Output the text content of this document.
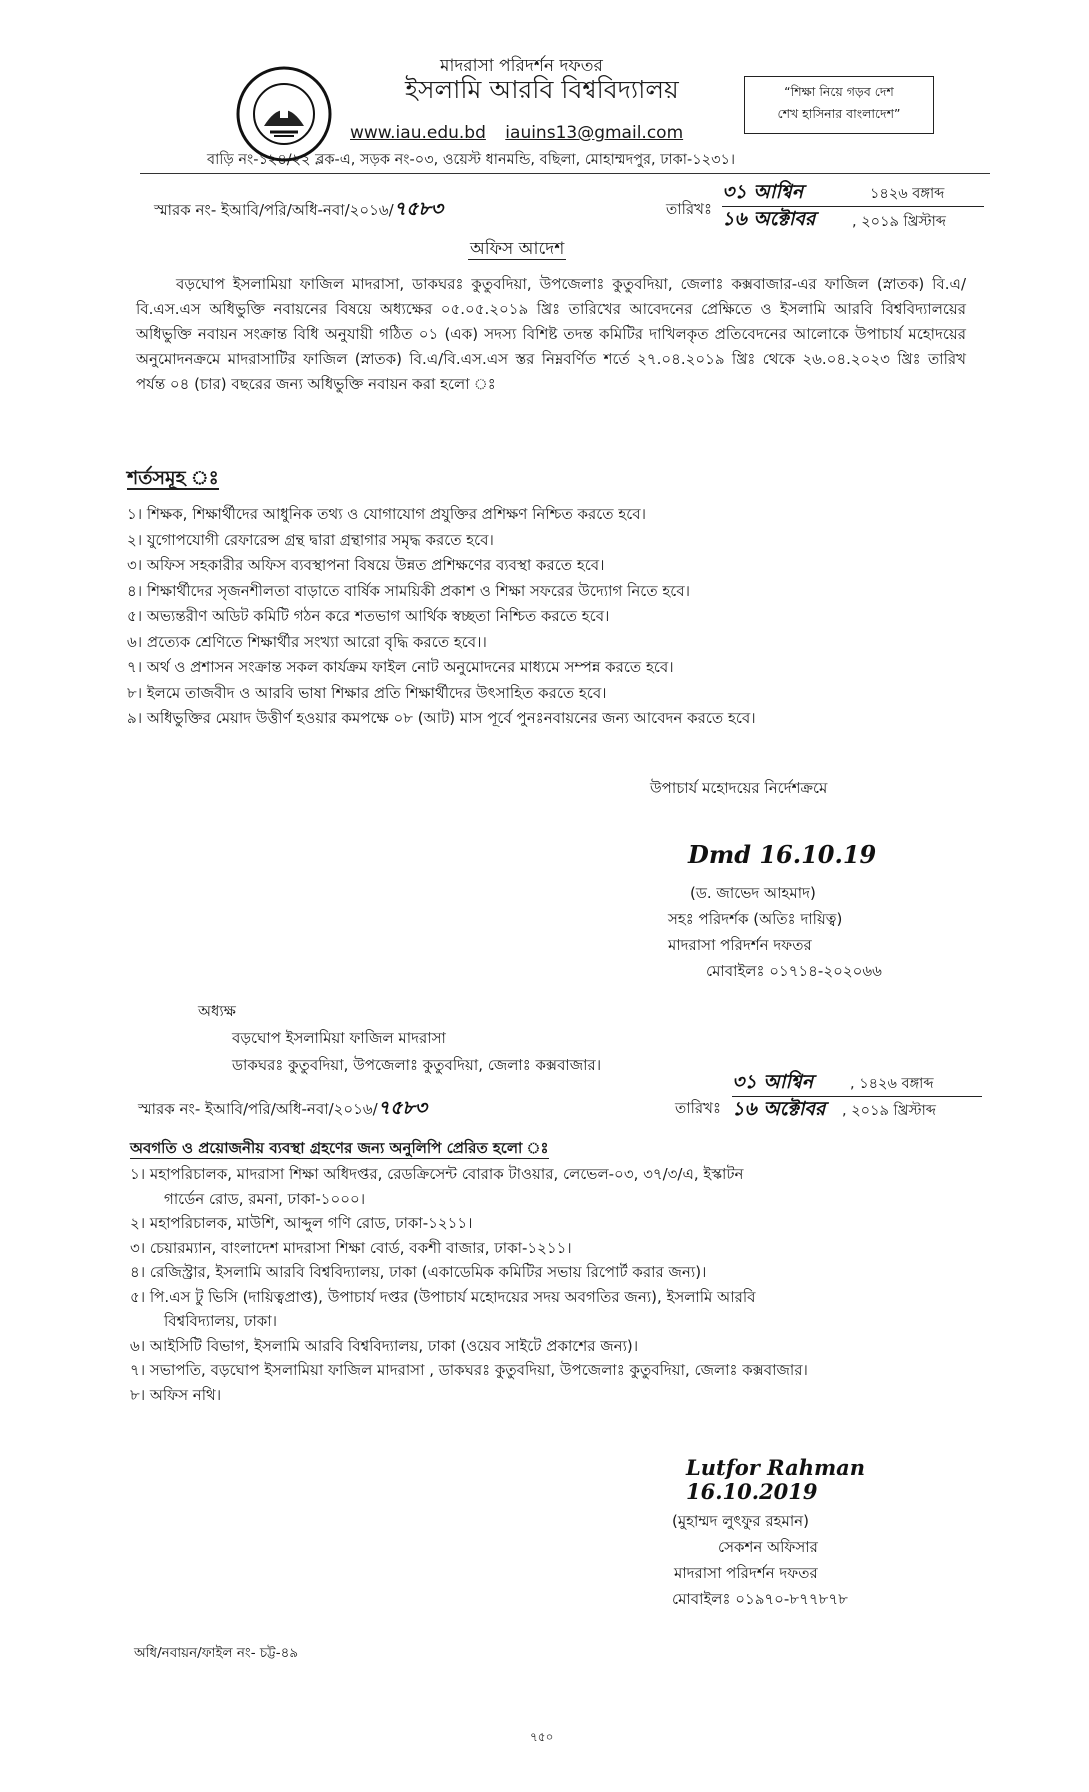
মাদরাসা পরিদর্শন দফতর
ইসলামি আরবি বিশ্ববিদ্যালয়
www.iau.edu.bd iauins13@gmail.com
“শিক্ষা নিয়ে গড়ব দেশ
শেখ হাসিনার বাংলাদেশ”
বাড়ি নং-১২৪/২২ ব্লক-এ, সড়ক নং-০৩, ওয়েস্ট ধানমন্ডি, বছিলা, মোহাম্মদপুর, ঢাকা-১২৩১।
স্মারক নং- ইআবি/পরি/অধি-নবা/২০১৬/৭৫৮৩	তারিখঃ
৩১ আশ্বিন	১৪২৬ বঙ্গাব্দ
১৬ অক্টোবর	, ২০১৯ খ্রিস্টাব্দ
অফিস আদেশ
বড়ঘোপ ইসলামিয়া ফাজিল মাদরাসা, ডাকঘরঃ কুতুবদিয়া, উপজেলাঃ কুতুবদিয়া, জেলাঃ কক্সবাজার-এর ফাজিল (স্নাতক) বি.এ/বি.এস.এস অধিভুক্তি নবায়নের বিষয়ে অধ্যক্ষের ০৫.০৫.২০১৯ খ্রিঃ তারিখের আবেদনের প্রেক্ষিতে ও ইসলামি আরবি বিশ্ববিদ্যালয়ের অধিভুক্তি নবায়ন সংক্রান্ত বিধি অনুযায়ী গঠিত ০১ (এক) সদস্য বিশিষ্ট তদন্ত কমিটির দাখিলকৃত প্রতিবেদনের আলোকে উপাচার্য মহোদয়ের অনুমোদনক্রমে মাদরাসাটির ফাজিল (স্নাতক) বি.এ/বি.এস.এস স্তর নিম্নবর্ণিত শর্তে ২৭.০৪.২০১৯ খ্রিঃ থেকে ২৬.০৪.২০২৩ খ্রিঃ তারিখ পর্যন্ত ০৪ (চার) বছরের জন্য অধিভুক্তি নবায়ন করা হলো ঃ
শর্তসমূহ ঃ
১। শিক্ষক, শিক্ষার্থীদের আধুনিক তথ্য ও যোগাযোগ প্রযুক্তির প্রশিক্ষণ নিশ্চিত করতে হবে।
২। যুগোপযোগী রেফারেন্স গ্রন্থ দ্বারা গ্রন্থাগার সমৃদ্ধ করতে হবে।
৩। অফিস সহকারীর অফিস ব্যবস্থাপনা বিষয়ে উন্নত প্রশিক্ষণের ব্যবস্থা করতে হবে।
৪। শিক্ষার্থীদের সৃজনশীলতা বাড়াতে বার্ষিক সাময়িকী প্রকাশ ও শিক্ষা সফরের উদ্যোগ নিতে হবে।
৫। অভ্যন্তরীণ অডিট কমিটি গঠন করে শতভাগ আর্থিক স্বচ্ছতা নিশ্চিত করতে হবে।
৬। প্রত্যেক শ্রেণিতে শিক্ষার্থীর সংখ্যা আরো বৃদ্ধি করতে হবে।।
৭। অর্থ ও প্রশাসন সংক্রান্ত সকল কার্যক্রম ফাইল নোট অনুমোদনের মাধ্যমে সম্পন্ন করতে হবে।
৮। ইলমে তাজবীদ ও আরবি ভাষা শিক্ষার প্রতি শিক্ষার্থীদের উৎসাহিত করতে হবে।
৯। অধিভুক্তির মেয়াদ উত্তীর্ণ হওয়ার কমপক্ষে ০৮ (আট) মাস পূর্বে পুনঃনবায়নের জন্য আবেদন করতে হবে।
উপাচার্য মহোদয়ের নির্দেশক্রমে
Dmd 16.10.19
(ড. জাভেদ আহমাদ)
সহঃ পরিদর্শক (অতিঃ দায়িত্ব)
মাদরাসা পরিদর্শন দফতর
মোবাইলঃ ০১৭১৪-২০২০৬৬
অধ্যক্ষ
বড়ঘোপ ইসলামিয়া ফাজিল মাদরাসা
ডাকঘরঃ কুতুবদিয়া, উপজেলাঃ কুতুবদিয়া, জেলাঃ কক্সবাজার।
স্মারক নং- ইআবি/পরি/অধি-নবা/২০১৬/৭৫৮৩	তারিখঃ
৩১ আশ্বিন	, ১৪২৬ বঙ্গাব্দ
১৬ অক্টোবর , ২০১৯ খ্রিস্টাব্দ
অবগতি ও প্রয়োজনীয় ব্যবস্থা গ্রহণের জন্য অনুলিপি প্রেরিত হলো ঃ
১। মহাপরিচালক, মাদরাসা শিক্ষা অধিদপ্তর, রেডক্রিসেন্ট বোরাক টাওয়ার, লেভেল-০৩, ৩৭/৩/এ, ইস্কাটন
গার্ডেন রোড, রমনা, ঢাকা-১০০০।
২। মহাপরিচালক, মাউশি, আব্দুল গণি রোড, ঢাকা-১২১১।
৩। চেয়ারম্যান, বাংলাদেশ মাদরাসা শিক্ষা বোর্ড, বকশী বাজার, ঢাকা-১২১১।
৪। রেজিস্ট্রার, ইসলামি আরবি বিশ্ববিদ্যালয়, ঢাকা (একাডেমিক কমিটির সভায় রিপোর্ট করার জন্য)।
৫। পি.এস টু ভিসি (দায়িত্বপ্রাপ্ত), উপাচার্য দপ্তর (উপাচার্য মহোদয়ের সদয় অবগতির জন্য), ইসলামি আরবি
বিশ্ববিদ্যালয়, ঢাকা।
৬। আইসিটি বিভাগ, ইসলামি আরবি বিশ্ববিদ্যালয়, ঢাকা (ওয়েব সাইটে প্রকাশের জন্য)।
৭। সভাপতি, বড়ঘোপ ইসলামিয়া ফাজিল মাদরাসা , ডাকঘরঃ কুতুবদিয়া, উপজেলাঃ কুতুবদিয়া, জেলাঃ কক্সবাজার।
৮। অফিস নথি।
Lutfor Rahman 16.10.2019
(মুহাম্মদ লুৎফুর রহমান)
সেকশন অফিসার
মাদরাসা পরিদর্শন দফতর
মোবাইলঃ ০১৯৭০-৮৭৭৮৭৮
অধি/নবায়ন/ফাইল নং- চট্ট-৪৯
৭৫০
